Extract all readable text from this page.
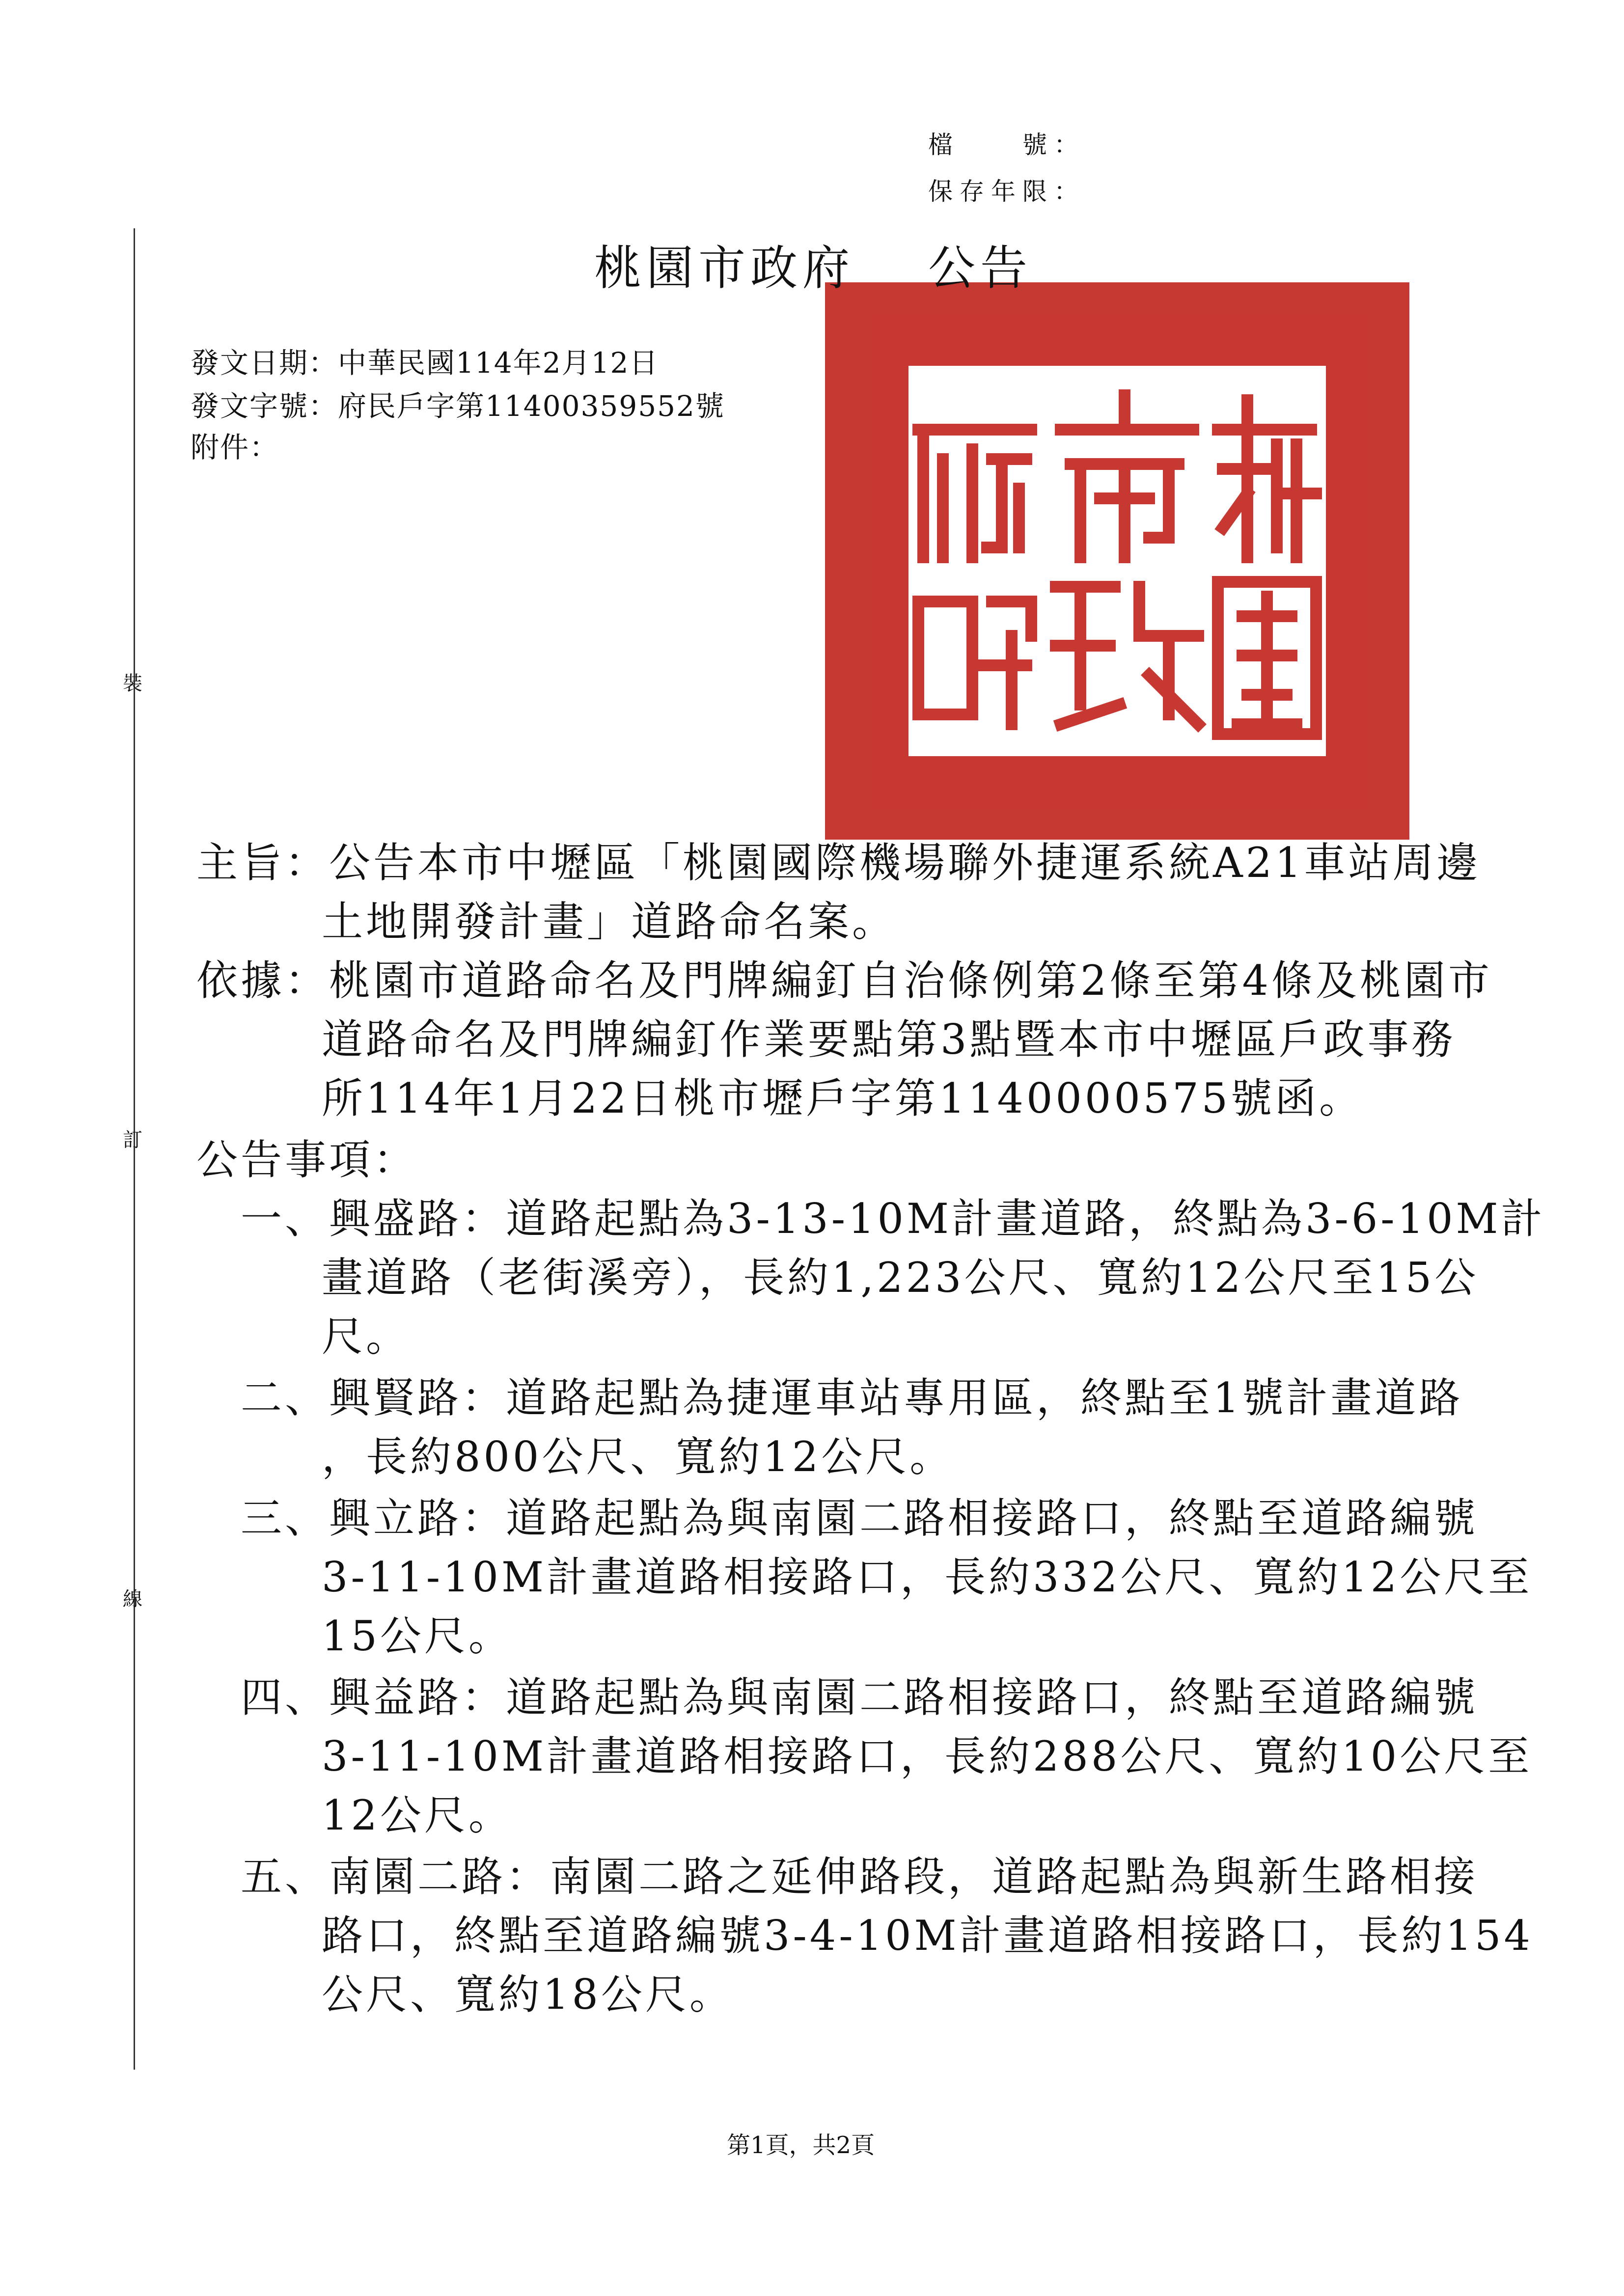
檔　　號：
保存年限：
裝
訂
線
桃園市政府 公告
發文日期：中華民國114年2月12日
發文字號：府民戶字第11400359552號
附件：
主旨：公告本市中壢區「桃園國際機場聯外捷運系統A21車站周邊
土地開發計畫」道路命名案。
依據：桃園市道路命名及門牌編釘自治條例第2條至第4條及桃園市
道路命名及門牌編釘作業要點第3點暨本市中壢區戶政事務
所114年1月22日桃市壢戶字第1140000575號函。
公告事項：
一、興盛路：道路起點為3-13-10M計畫道路，終點為3-6-10M計
畫道路（老街溪旁），長約1,223公尺、寬約12公尺至15公
尺。
二、興賢路：道路起點為捷運車站專用區，終點至1號計畫道路
，長約800公尺、寬約12公尺。
三、興立路：道路起點為與南園二路相接路口，終點至道路編號
3-11-10M計畫道路相接路口，長約332公尺、寬約12公尺至
15公尺。
四、興益路：道路起點為與南園二路相接路口，終點至道路編號
3-11-10M計畫道路相接路口，長約288公尺、寬約10公尺至
12公尺。
五、南園二路：南園二路之延伸路段，道路起點為與新生路相接
路口，終點至道路編號3-4-10M計畫道路相接路口，長約154
公尺、寬約18公尺。
第1頁，共2頁
